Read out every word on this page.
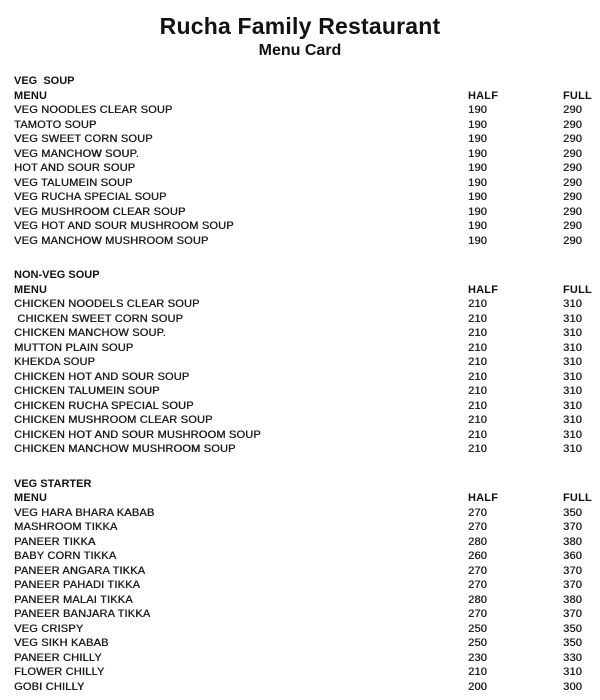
Rucha Family Restaurant
Menu Card
VEG  SOUP
MENU	HALF	FULL
VEG NOODLES CLEAR SOUP	190	290
TAMOTO SOUP	190	290
VEG SWEET CORN SOUP	190	290
VEG MANCHOW SOUP.	190	290
HOT AND SOUR SOUP	190	290
VEG TALUMEIN SOUP	190	290
VEG RUCHA SPECIAL SOUP	190	290
VEG MUSHROOM CLEAR SOUP	190	290
VEG HOT AND SOUR MUSHROOM SOUP	190	290
VEG MANCHOW MUSHROOM SOUP	190	290
NON-VEG SOUP
MENU	HALF	FULL
CHICKEN NOODELS CLEAR SOUP	210	310
CHICKEN SWEET CORN SOUP	210	310
CHICKEN MANCHOW SOUP.	210	310
MUTTON PLAIN SOUP	210	310
KHEKDA SOUP	210	310
CHICKEN HOT AND SOUR SOUP	210	310
CHICKEN TALUMEIN SOUP	210	310
CHICKEN RUCHA SPECIAL SOUP	210	310
CHICKEN MUSHROOM CLEAR SOUP	210	310
CHICKEN HOT AND SOUR MUSHROOM SOUP	210	310
CHICKEN MANCHOW MUSHROOM SOUP	210	310
VEG STARTER
MENU	HALF	FULL
VEG HARA BHARA KABAB	270	350
MASHROOM TIKKA	270	370
PANEER TIKKA	280	380
BABY CORN TIKKA	260	360
PANEER ANGARA TIKKA	270	370
PANEER PAHADI TIKKA	270	370
PANEER MALAI TIKKA	280	380
PANEER BANJARA TIKKA	270	370
VEG CRISPY	250	350
VEG SIKH KABAB	250	350
PANEER CHILLY	230	330
FLOWER CHILLY	210	310
GOBI CHILLY	200	300
